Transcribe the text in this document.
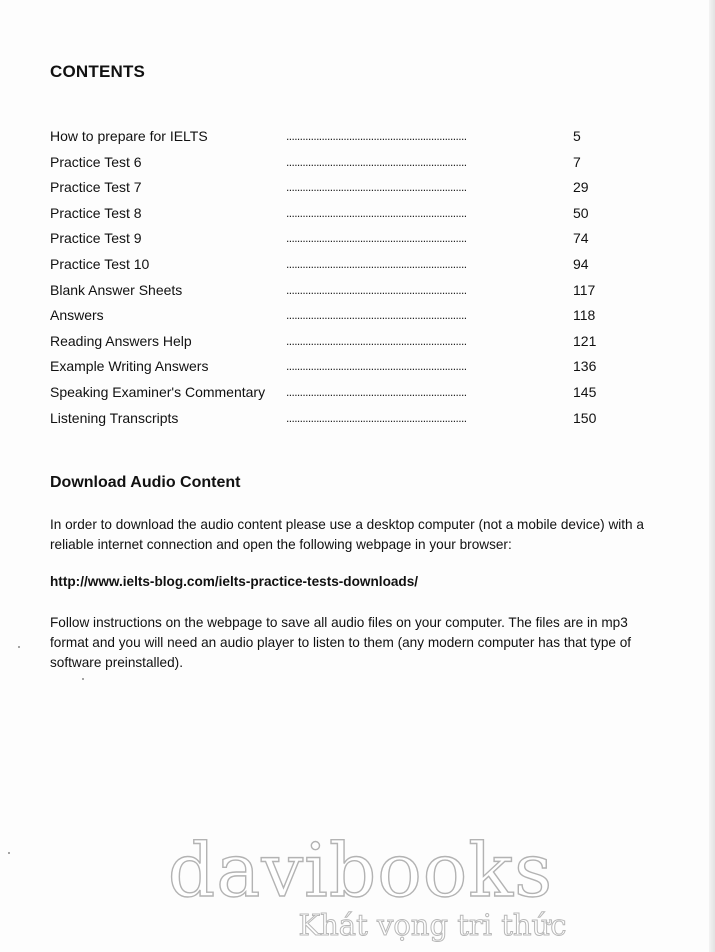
CONTENTS
How to prepare for IELTS	..................................................................	5
Practice Test 6	..................................................................	7
Practice Test 7	..................................................................	29
Practice Test 8	..................................................................	50
Practice Test 9	..................................................................	74
Practice Test 10	..................................................................	94
Blank Answer Sheets	..................................................................	117
Answers	..................................................................	118
Reading Answers Help	..................................................................	121
Example Writing Answers	..................................................................	136
Speaking Examiner's Commentary ..................................................................	145
Listening Transcripts	..................................................................	150
Download Audio Content

In order to download the audio content please use a desktop computer (not a mobile device) with a reliable internet connection and open the following webpage in your browser:

http://www.ielts-blog.com/ielts-practice-tests-downloads/

Follow instructions on the webpage to save all audio files on your computer. The files are in mp3 format and you will need an audio player to listen to them (any modern computer has that type of software preinstalled).

davibooks
Khát vọng tri thức
